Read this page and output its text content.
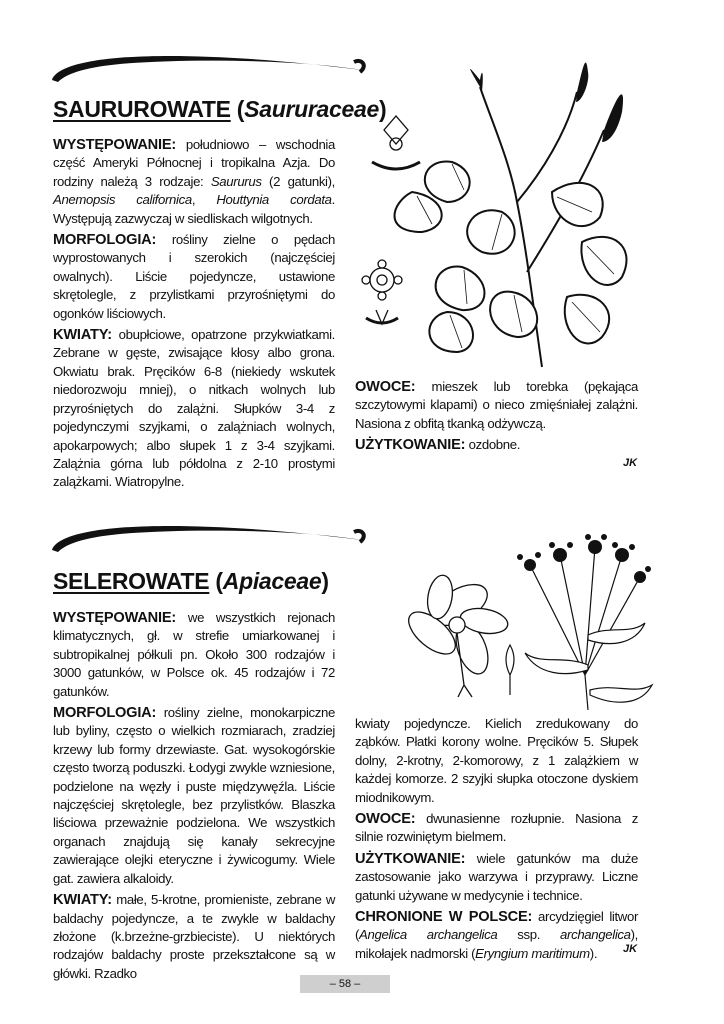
SAURUROWATE (Saururaceae)

WYSTĘPOWANIE: południowo – wschodnia część Ameryki Północnej i tropikalna Azja. Do rodziny należą 3 rodzaje: Saururus (2 gatunki), Anemopsis californica, Houttynia cordata. Występują zazwyczaj w siedliskach wilgotnych.

MORFOLOGIA: rośliny zielne o pędach wyprostowanych i szerokich (najczęściej owalnych). Liście pojedyncze, ustawione skrętolegle, z przylistkami przyrośniętymi do ogonków liściowych.

KWIATY: obupłciowe, opatrzone przykwiatkami. Zebrane w gęste, zwisające kłosy albo grona. Okwiatu brak. Pręcików 6-8 (niekiedy wskutek niedorozwoju mniej), o nitkach wolnych lub przyrośniętych do zalążni. Słupków 3-4 z pojedynczymi szyjkami, o zalążniach wolnych, apokarpowych; albo słupek 1 z 3-4 szyjkami. Zalążnia górna lub półdolna z 2-10 prostymi zalążkami. Wiatropylne.

OWOCE: mieszek lub torebka (pękająca szczytowymi klapami) o nieco zmięśniałej zalążni. Nasiona z obfitą tkanką odżywczą.

UŻYTKOWANIE: ozdobne.

JK
SELEROWATE (Apiaceae)

WYSTĘPOWANIE: we wszystkich rejonach klimatycznych, gł. w strefie umiarkowanej i subtropikalnej półkuli pn. Około 300 rodzajów i 3000 gatunków, w Polsce ok. 45 rodzajów i 72 gatunków.

MORFOLOGIA: rośliny zielne, monokarpiczne lub byliny, często o wielkich rozmiarach, zradziej krzewy lub formy drzewiaste. Gat. wysokogórskie często tworzą poduszki. Łodygi zwykle wzniesione, podzielone na węzły i puste międzywęźla. Liście najczęściej skrętolegle, bez przylistków. Blaszka liściowa przeważnie podzielona. We wszystkich organach znajdują się kanały sekrecyjne zawierające olejki eteryczne i żywicogumy. Wiele gat. zawiera alkaloidy.

KWIATY: małe, 5-krotne, promieniste, zebrane w baldachy pojedyncze, a te zwykle w baldachy złożone (k.brzeżne-grzbieciste). U niektórych rodzajów baldachy proste przekształcone są w główki. Rzadko

kwiaty pojedyncze. Kielich zredukowany do ząbków. Płatki korony wolne. Pręcików 5. Słupek dolny, 2-krotny, 2-komorowy, z 1 zalążkiem w każdej komorze. 2 szyjki słupka otoczone dyskiem miodnikowym.

OWOCE: dwunasienne rozłupnie. Nasiona z silnie rozwiniętym bielmem.

UŻYTKOWANIE: wiele gatunków ma duże zastosowanie jako warzywa i przyprawy. Liczne gatunki używane w medycynie i technice.

CHRONIONE W POLSCE: arcydzięgiel litwor (Angelica archangelica ssp. archangelica), mikołajek nadmorski (Eryngium maritimum).	JK
– 58 –
